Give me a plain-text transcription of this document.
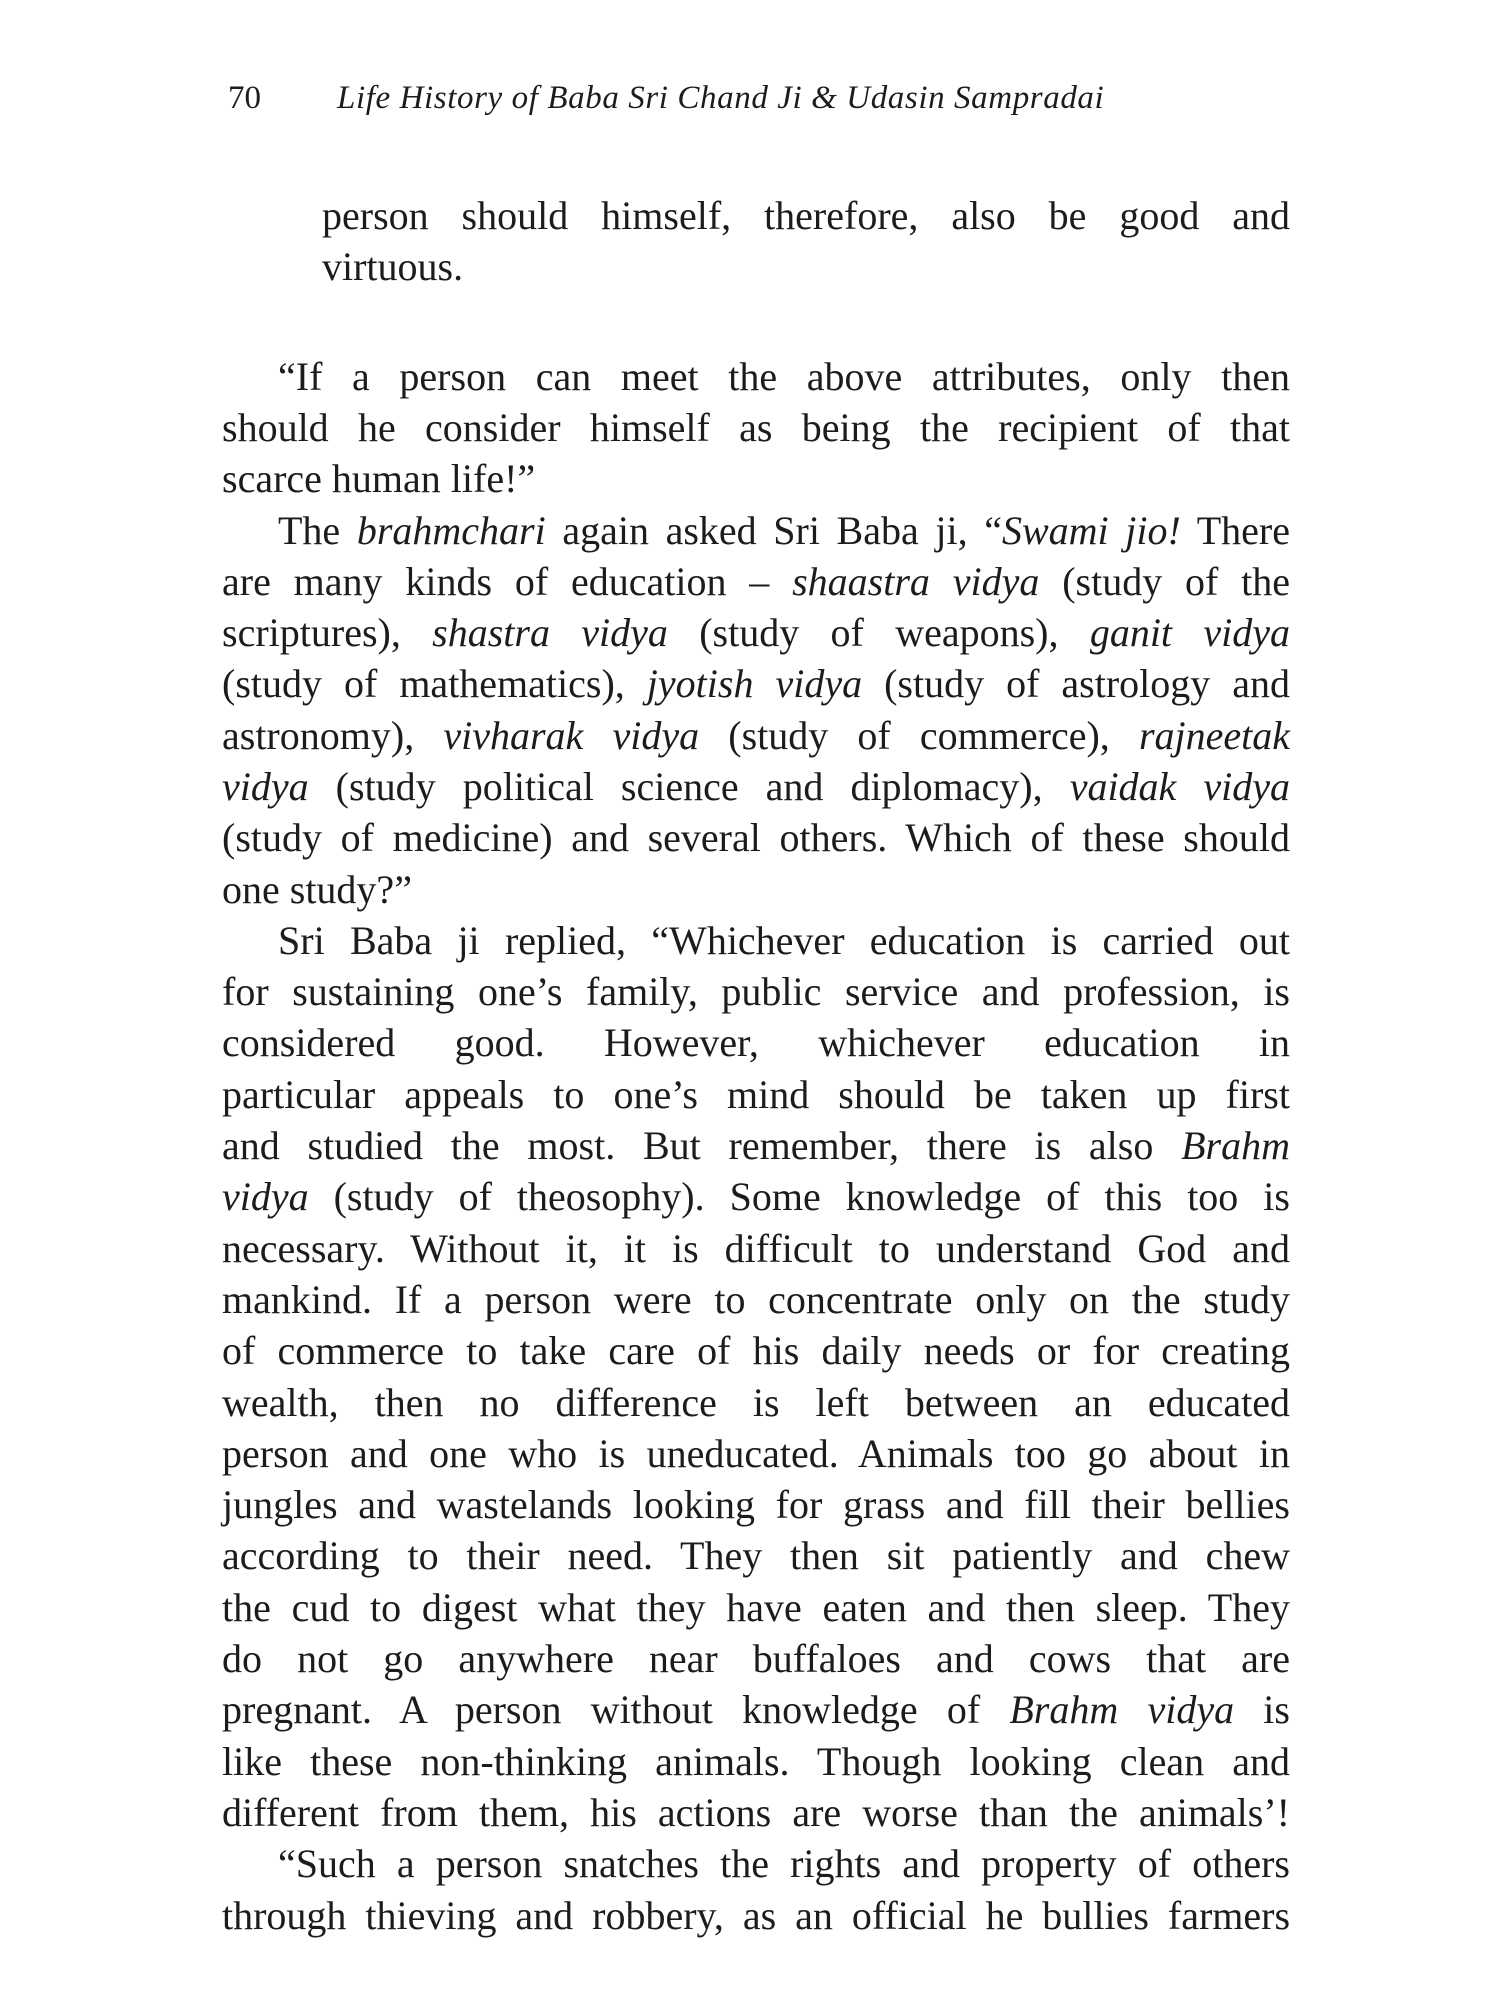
70 Life History of Baba Sri Chand Ji & Udasin Sampradai
person should himself, therefore, also be good and
virtuous.
“If a person can meet the above attributes, only then
should he consider himself as being the recipient of that
scarce human life!”
The brahmchari again asked Sri Baba ji, “Swami jio! There
are many kinds of education – shaastra vidya (study of the
scriptures), shastra vidya (study of weapons), ganit vidya
(study of mathematics), jyotish vidya (study of astrology and
astronomy), vivharak vidya (study of commerce), rajneetak
vidya (study political science and diplomacy), vaidak vidya
(study of medicine) and several others. Which of these should
one study?”
Sri Baba ji replied, “Whichever education is carried out
for sustaining one’s family, public service and profession, is
considered good. However, whichever education in
particular appeals to one’s mind should be taken up first
and studied the most. But remember, there is also Brahm
vidya (study of theosophy). Some knowledge of this too is
necessary. Without it, it is difficult to understand God and
mankind. If a person were to concentrate only on the study
of commerce to take care of his daily needs or for creating
wealth, then no difference is left between an educated
person and one who is uneducated. Animals too go about in
jungles and wastelands looking for grass and fill their bellies
according to their need. They then sit patiently and chew
the cud to digest what they have eaten and then sleep. They
do not go anywhere near buffaloes and cows that are
pregnant. A person without knowledge of Brahm vidya is
like these non-thinking animals. Though looking clean and
different from them, his actions are worse than the animals’!
“Such a person snatches the rights and property of others
through thieving and robbery, as an official he bullies farmers
